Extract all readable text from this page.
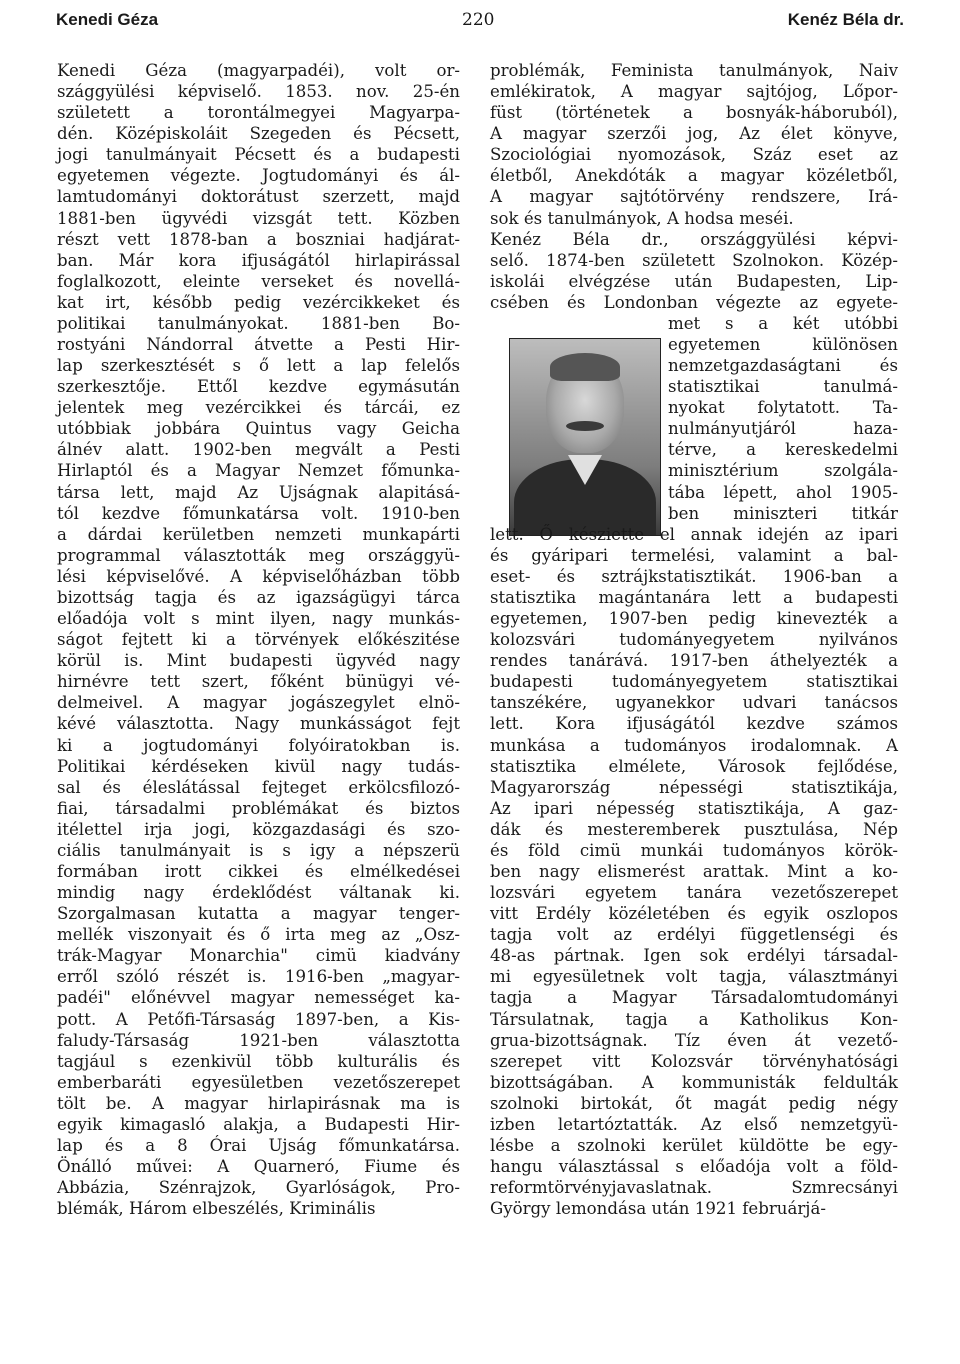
Kenedi Géza	220	Kenéz Béla dr.
Kenedi Géza (magyarpadéi), volt or-
szággyülési képviselő. 1853. nov. 25-én
született a torontálmegyei Magyarpa-
dén. Középiskoláit Szegeden és Pécsett,
jogi tanulmányait Pécsett és a budapesti
egyetemen végezte. Jogtudományi és ál-
lamtudományi doktorátust szerzett, majd
1881-ben ügyvédi vizsgát tett. Közben
részt vett 1878-ban a boszniai hadjárat-
ban. Már kora ifjuságától hirlapirással
foglalkozott, eleinte verseket és novellá-
kat irt, később pedig vezércikkeket és
politikai tanulmányokat. 1881-ben Bo-
rostyáni Nándorral átvette a Pesti Hir-
lap szerkesztését s ő lett a lap felelős
szerkesztője. Ettől kezdve egymásután
jelentek meg vezércikkei és tárcái, ez
utóbbiak jobbára Quintus vagy Geicha
álnév alatt. 1902-ben megvált a Pesti
Hirlaptól és a Magyar Nemzet főmunka-
társa lett, majd Az Ujságnak alapitásá-
tól kezdve főmunkatársa volt. 1910-ben
a dárdai kerületben nemzeti munkapárti
programmal választották meg országgyü-
lési képviselővé. A képviselőházban több
bizottság tagja és az igazságügyi tárca
előadója volt s mint ilyen, nagy munkás-
ságot fejtett ki a törvények előkészitése
körül is. Mint budapesti ügyvéd nagy
hirnévre tett szert, főként bünügyi vé-
delmeivel. A magyar jogászegylet elnö-
kévé választotta. Nagy munkásságot fejt
ki a jogtudományi folyóiratokban is.
Politikai kérdéseken kivül nagy tudás-
sal és éleslátással fejteget erkölcsfilozó-
fiai, társadalmi problémákat és biztos
itélettel irja jogi, közgazdasági és szo-
ciális tanulmányait is s igy a népszerü
formában irott cikkei és elmélkedései
mindig nagy érdeklődést váltanak ki.
Szorgalmasan kutatta a magyar tenger-
mellék viszonyait és ő irta meg az „Osz-
trák-Magyar Monarchia" cimü kiadvány
erről szóló részét is. 1916-ben „magyar-
padéi" előnévvel magyar nemességet ka-
pott. A Petőfi-Társaság 1897-ben, a Kis-
faludy-Társaság 1921-ben választotta
tagjául s ezenkivül több kulturális és
emberbaráti egyesületben vezetőszerepet
tölt be. A magyar hirlapirásnak ma is
egyik kimagasló alakja, a Budapesti Hir-
lap és a 8 Órai Ujság főmunkatársa.
Önálló művei: A Quarneró, Fiume és
Abbázia, Szénrajzok, Gyarlóságok, Pro-
blémák, Három elbeszélés, Kriminális
problémák, Feminista tanulmányok, Naiv
emlékiratok, A magyar sajtójog, Lőpor-
füst (történetek a bosnyák-háboruból),
A magyar szerzői jog, Az élet könyve,
Szociológiai nyomozások, Száz eset az
életből, Anekdóták a magyar közéletből,
A magyar sajtótörvény rendszere, Irá-
sok és tanulmányok, A hodsa meséi.
Kenéz Béla dr., országgyülési képvi-
selő. 1874-ben született Szolnokon. Közép-
iskolái elvégzése után Budapesten, Lip-
csében és Londonban végezte az egyete-
met s a két utóbbi
egyetemen különösen
nemzetgazdaságtani és
statisztikai tanulmá-
nyokat folytatott. Ta-
nulmányutjáról haza-
térve, a kereskedelmi
minisztérium szolgála-
tába lépett, ahol 1905-
ben miniszteri titkár
lett. Ő késziette el annak idején az ipari
és gyáripari termelési, valamint a bal-
eset- és sztrájkstatisztikát. 1906-ban a
statisztika magántanára lett a budapesti
egyetemen, 1907-ben pedig kinevezték a
kolozsvári tudományegyetem nyilvános
rendes tanárává. 1917-ben áthelyezték a
budapesti tudományegyetem statisztikai
tanszékére, ugyanekkor udvari tanácsos
lett. Kora ifjuságától kezdve számos
munkása a tudományos irodalomnak. A
statisztika elmélete, Városok fejlődése,
Magyarország népességi statisztikája,
Az ipari népesség statisztikája, A gaz-
dák és mesteremberek pusztulása, Nép
és föld cimü munkái tudományos körök-
ben nagy elismerést arattak. Mint a ko-
lozsvári egyetem tanára vezetőszerepet
vitt Erdély közéletében és egyik oszlopos
tagja volt az erdélyi függetlenségi és
48-as pártnak. Igen sok erdélyi társadal-
mi egyesületnek volt tagja, választmányi
tagja a Magyar Társadalomtudományi
Társulatnak, tagja a Katholikus Kon-
grua-bizottságnak. Tíz éven át vezető-
szerepet vitt Kolozsvár törvényhatósági
bizottságában. A kommunisták feldulták
szolnoki birtokát, őt magát pedig négy
izben letartóztatták. Az első nemzetgyü-
lésbe a szolnoki kerület küldötte be egy-
hangu választással s előadója volt a föld-
reformtörvényjavaslatnak. Szmrecsányi
György lemondása után 1921 februárjá-
